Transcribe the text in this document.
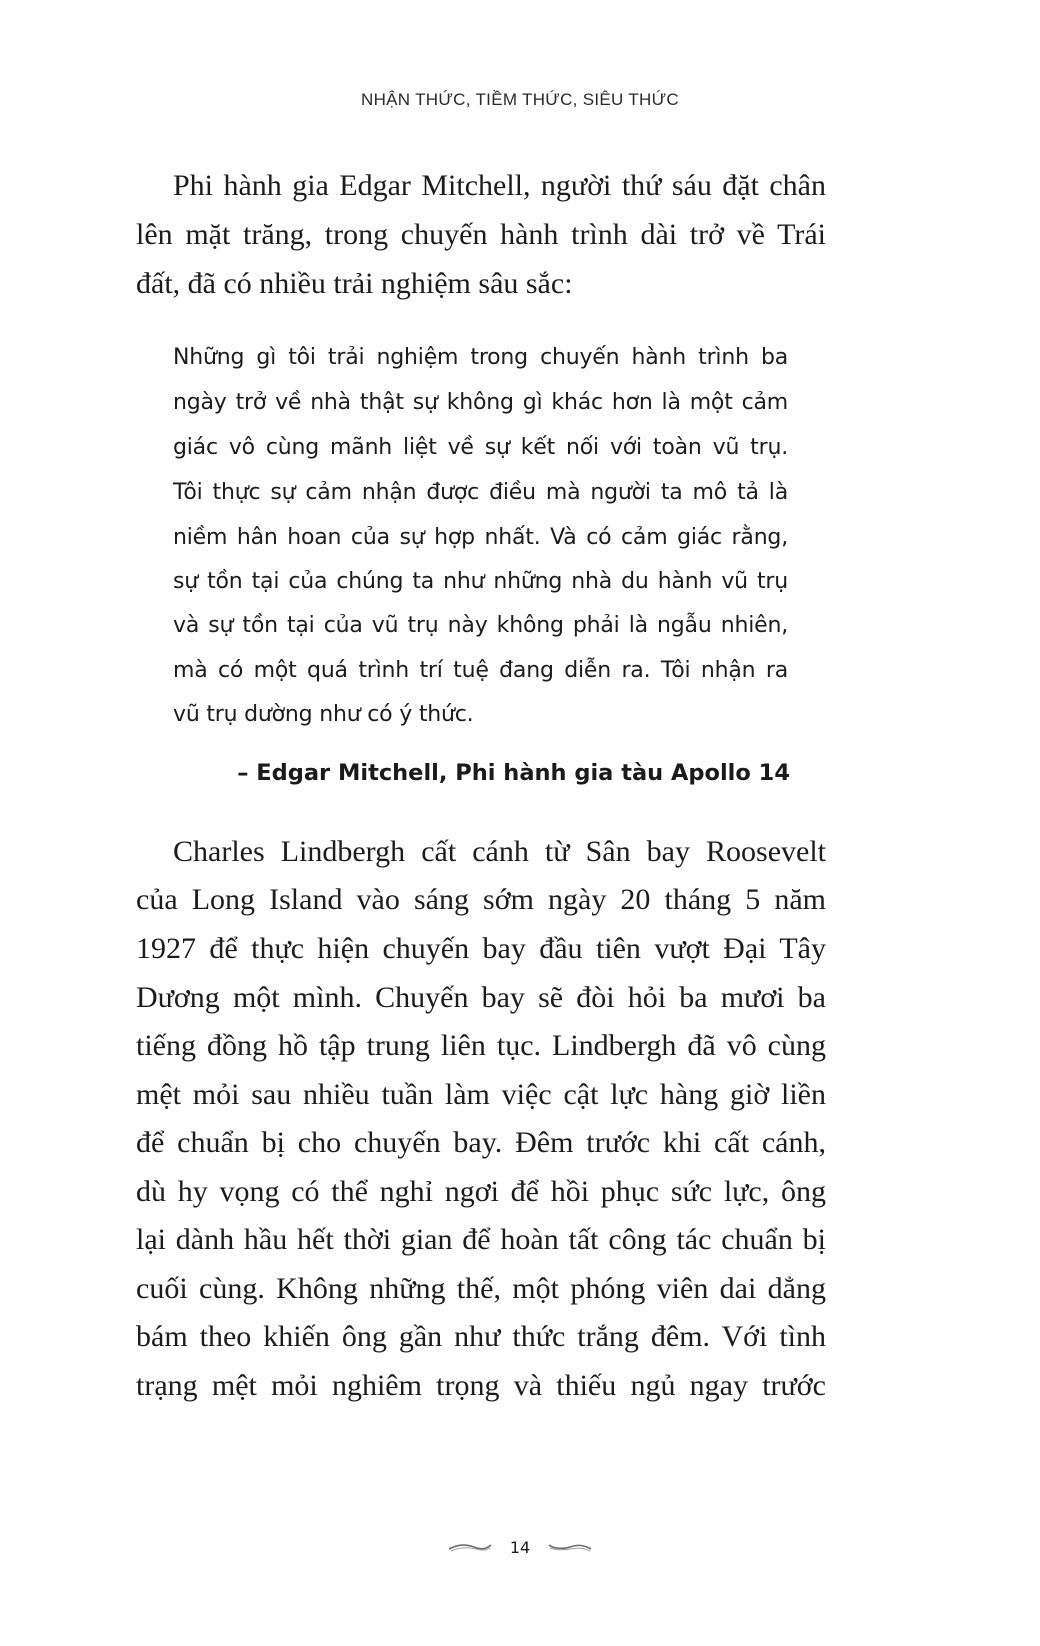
NHẬN THỨC, TIỀM THỨC, SIÊU THỨC
Phi hành gia Edgar Mitchell, người thứ sáu đặt chân
lên mặt trăng, trong chuyến hành trình dài trở về Trái
đất, đã có nhiều trải nghiệm sâu sắc:
Những gì tôi trải nghiệm trong chuyến hành trình ba
ngày trở về nhà thật sự không gì khác hơn là một cảm
giác vô cùng mãnh liệt về sự kết nối với toàn vũ trụ.
Tôi thực sự cảm nhận được điều mà người ta mô tả là
niềm hân hoan của sự hợp nhất. Và có cảm giác rằng,
sự tồn tại của chúng ta như những nhà du hành vũ trụ
và sự tồn tại của vũ trụ này không phải là ngẫu nhiên,
mà có một quá trình trí tuệ đang diễn ra. Tôi nhận ra
vũ trụ dường như có ý thức.
– Edgar Mitchell, Phi hành gia tàu Apollo 14
Charles Lindbergh cất cánh từ Sân bay Roosevelt
của Long Island vào sáng sớm ngày 20 tháng 5 năm
1927 để thực hiện chuyến bay đầu tiên vượt Đại Tây
Dương một mình. Chuyến bay sẽ đòi hỏi ba mươi ba
tiếng đồng hồ tập trung liên tục. Lindbergh đã vô cùng
mệt mỏi sau nhiều tuần làm việc cật lực hàng giờ liền
để chuẩn bị cho chuyến bay. Đêm trước khi cất cánh,
dù hy vọng có thể nghỉ ngơi để hồi phục sức lực, ông
lại dành hầu hết thời gian để hoàn tất công tác chuẩn bị
cuối cùng. Không những thế, một phóng viên dai dẳng
bám theo khiến ông gần như thức trắng đêm. Với tình
trạng mệt mỏi nghiêm trọng và thiếu ngủ ngay trước
14
